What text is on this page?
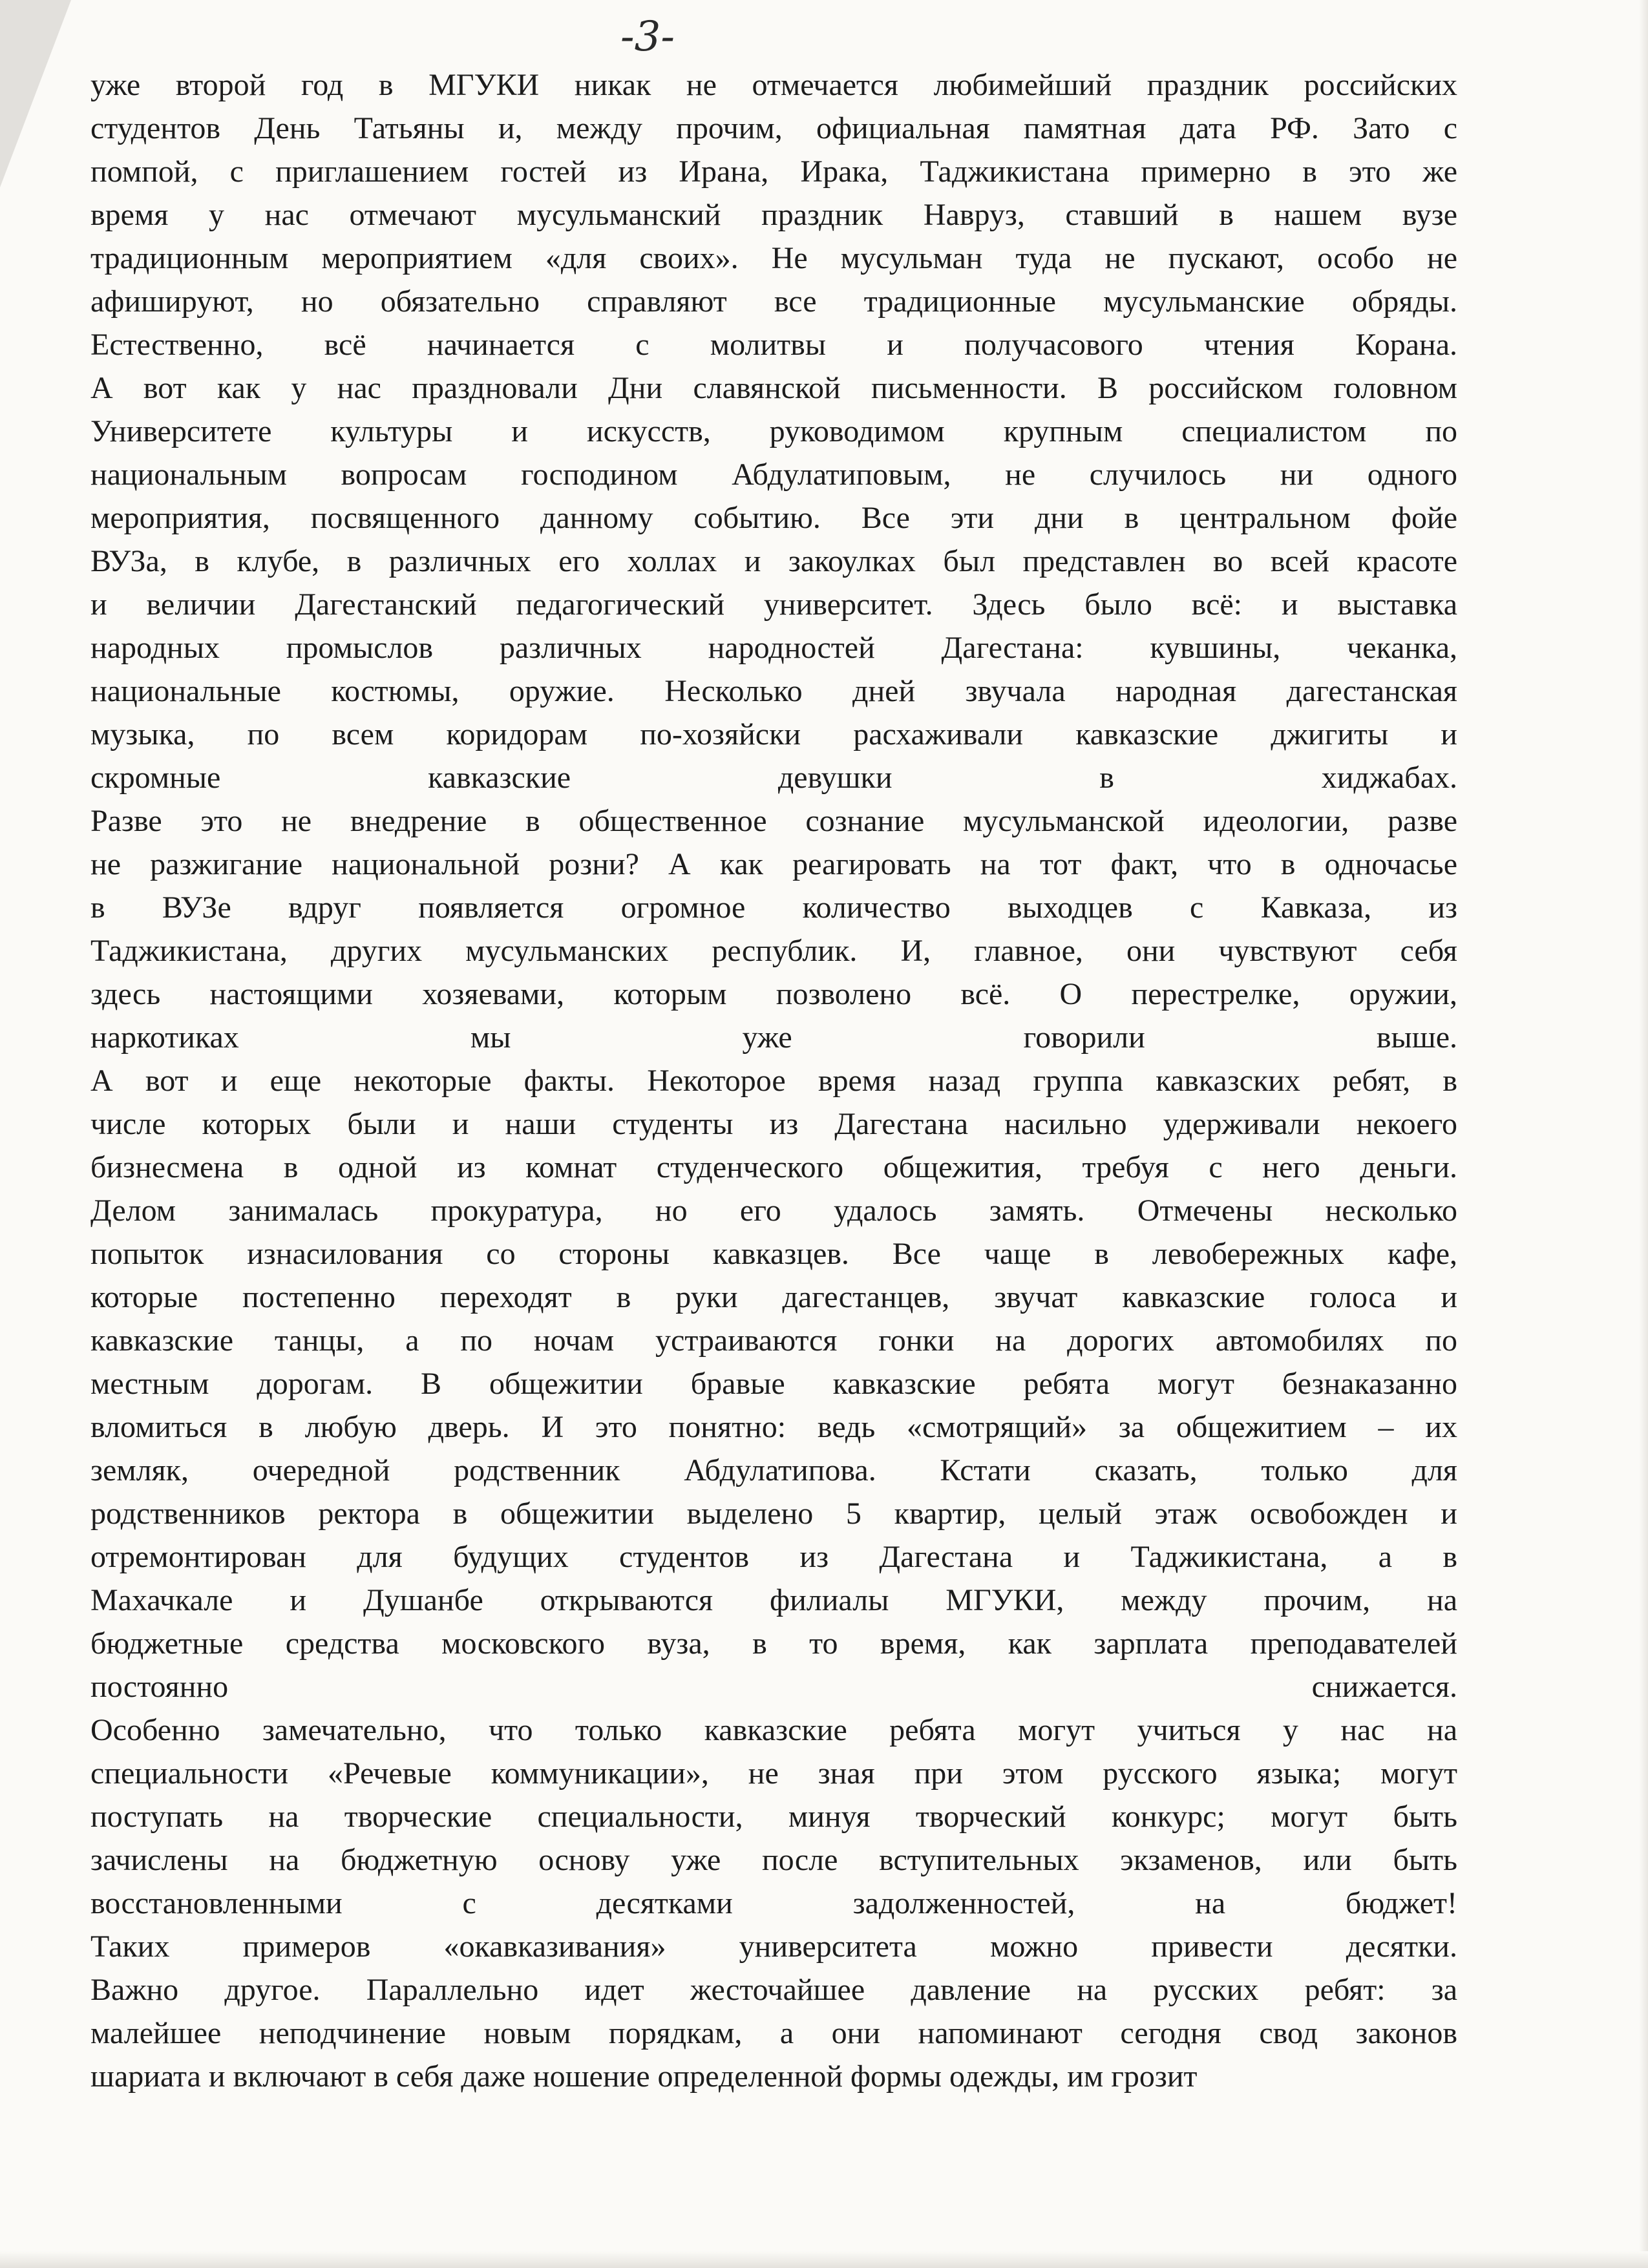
-3-

уже второй год в МГУКИ никак не отмечается любимейший праздник российских

студентов День Татьяны и, между прочим, официальная памятная дата РФ. Зато с

помпой, с приглашением гостей из Ирана, Ирака, Таджикистана примерно в это же

время у нас отмечают мусульманский праздник Навруз, ставший в нашем вузе

традиционным мероприятием «для своих». Не мусульман туда не пускают, особо не

афишируют, но обязательно справляют все традиционные мусульманские обряды.

Естественно, всё начинается с молитвы и получасового чтения Корана.

А вот как у нас праздновали Дни славянской письменности. В российском головном

Университете культуры и искусств, руководимом крупным специалистом по

национальным вопросам господином Абдулатиповым, не случилось ни одного

мероприятия, посвященного данному событию. Все эти дни в центральном фойе

ВУЗа, в клубе, в различных его холлах и закоулках был представлен во всей красоте

и величии Дагестанский педагогический университет. Здесь было всё: и выставка

народных промыслов различных народностей Дагестана: кувшины, чеканка,

национальные костюмы, оружие. Несколько дней звучала народная дагестанская

музыка, по всем коридорам по-хозяйски расхаживали кавказские джигиты и

скромные кавказские девушки в хиджабах.

Разве это не внедрение в общественное сознание мусульманской идеологии, разве

не разжигание национальной розни? А как реагировать на тот факт, что в одночасье

в ВУЗе вдруг появляется огромное количество выходцев с Кавказа, из

Таджикистана, других мусульманских республик. И, главное, они чувствуют себя

здесь настоящими хозяевами, которым позволено всё. О перестрелке, оружии,

наркотиках мы уже говорили выше.

А вот и еще некоторые факты. Некоторое время назад группа кавказских ребят, в

числе которых были и наши студенты из Дагестана насильно удерживали некоего

бизнесмена в одной из комнат студенческого общежития, требуя с него деньги.

Делом занималась прокуратура, но его удалось замять. Отмечены несколько

попыток изнасилования со стороны кавказцев. Все чаще в левобережных кафе,

которые постепенно переходят в руки дагестанцев, звучат кавказские голоса и

кавказские танцы, а по ночам устраиваются гонки на дорогих автомобилях по

местным дорогам. В общежитии бравые кавказские ребята могут безнаказанно

вломиться в любую дверь. И это понятно: ведь «смотрящий» за общежитием – их

земляк, очередной родственник Абдулатипова. Кстати сказать, только для

родственников ректора в общежитии выделено 5 квартир, целый этаж освобожден и

отремонтирован для будущих студентов из Дагестана и Таджикистана, а в

Махачкале и Душанбе открываются филиалы МГУКИ, между прочим, на

бюджетные средства московского вуза, в то время, как зарплата преподавателей

постоянно снижается.

Особенно замечательно, что только кавказские ребята могут учиться у нас на

специальности «Речевые коммуникации», не зная при этом русского языка; могут

поступать на творческие специальности, минуя творческий конкурс; могут быть

зачислены на бюджетную основу уже после вступительных экзаменов, или быть

восстановленными с десятками задолженностей, на бюджет!

Таких примеров «окавказивания» университета можно привести десятки.

Важно другое. Параллельно идет жесточайшее давление на русских ребят: за

малейшее неподчинение новым порядкам, а они напоминают сегодня свод законов

шариата и включают в себя даже ношение определенной формы одежды, им грозит
